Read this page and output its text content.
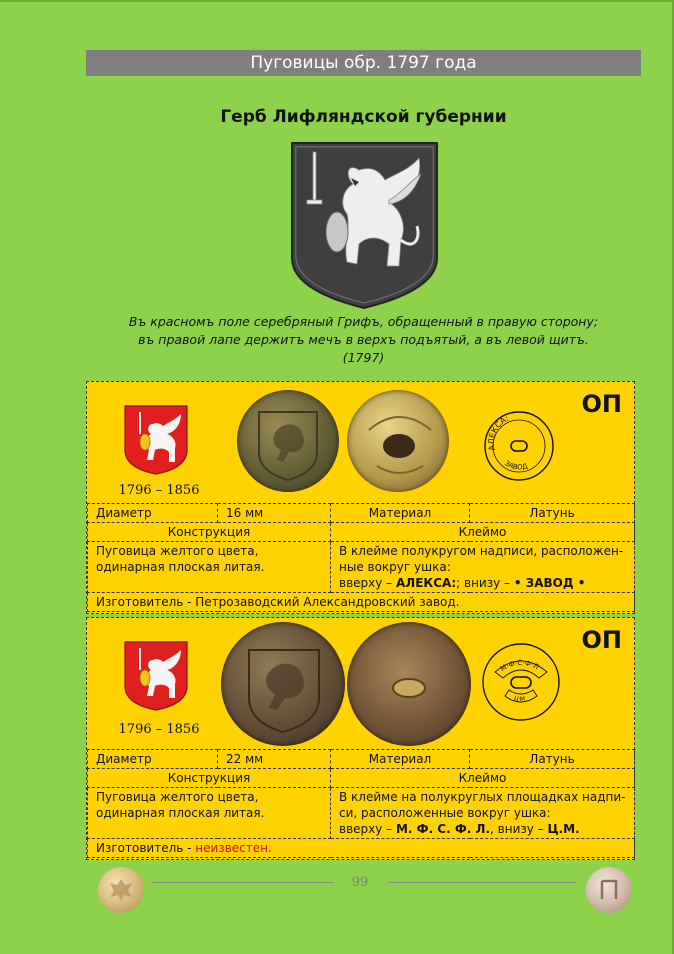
Пуговицы обр. 1797 года
Герб Лифляндской губернии
Въ красномъ поле серебряный Грифъ, обращенный в правую сторону;
въ правой лапе держитъ мечъ в верхъ подъятый, а въ левой щитъ.
(1797)
1796 – 1856
ОП
АЛЕКСА:
ЗАВОД
Диаметр	16 мм	Материал	Латунь
Конструкция		Клеймо	
Пуговица желтого цвета, одинарная плоская литая.		В клейме полукругом надписи, расположен-ные вокруг ушка:
вверху – АЛЕКСА:; внизу – • ЗАВОД •	
Изготовитель - Петрозаводский Александровский завод.			
1796 – 1856
ОП
М·Ф·С·Ф·Л
Ц·М
Диаметр	22 мм	Материал	Латунь
Конструкция		Клеймо	
Пуговица желтого цвета, одинарная плоская литая.		В клейме на полукруглых площадках надпи-си, расположенные вокруг ушка:
вверху – М. Ф. С. Ф. Л., внизу – Ц.М.	
Изготовитель - неизвестен.			
99
